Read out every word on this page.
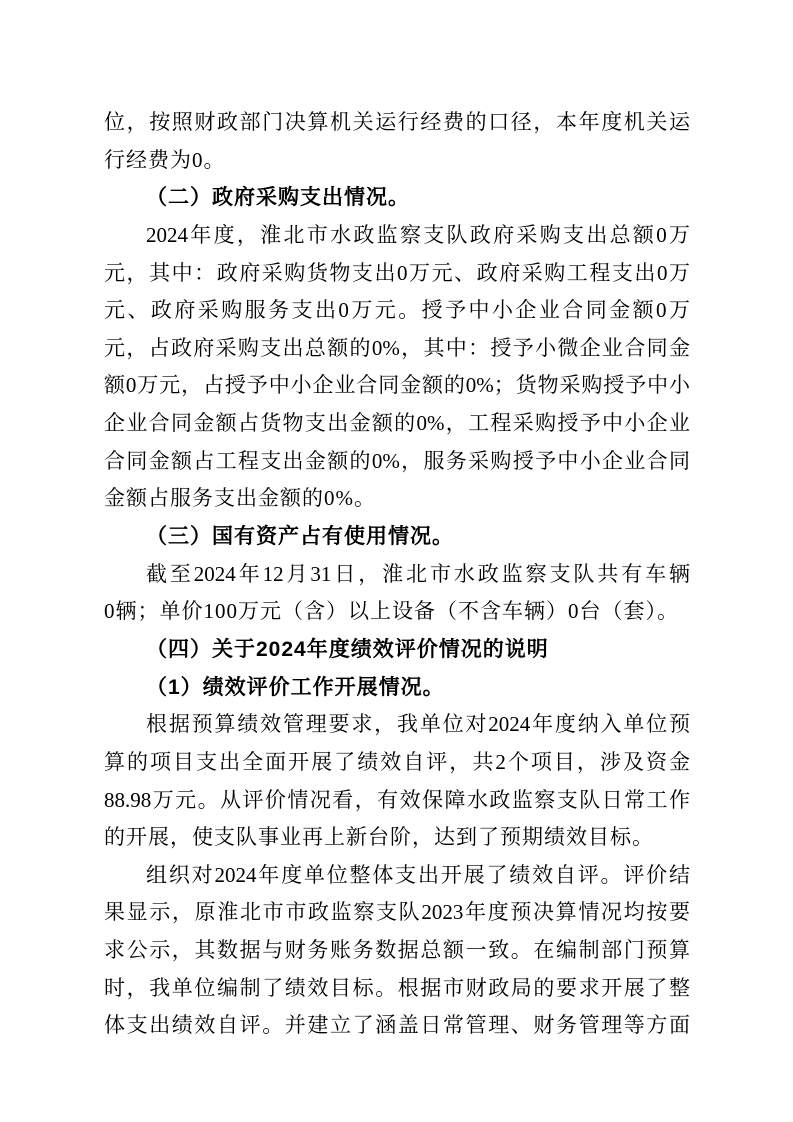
位，按照财政部门决算机关运行经费的口径，本年度机关运
行经费为0。
（二）政府采购支出情况。
2024年度，淮北市水政监察支队政府采购支出总额0万
元，其中：政府采购货物支出0万元、政府采购工程支出0万
元、政府采购服务支出0万元。授予中小企业合同金额0万
元，占政府采购支出总额的0%，其中：授予小微企业合同金
额0万元，占授予中小企业合同金额的0%；货物采购授予中小
企业合同金额占货物支出金额的0%，工程采购授予中小企业
合同金额占工程支出金额的0%，服务采购授予中小企业合同
金额占服务支出金额的0%。
（三）国有资产占有使用情况。
截至2024年12月31日，淮北市水政监察支队共有车辆
0辆；单价100万元（含）以上设备（不含车辆）0台（套）。
（四）关于2024年度绩效评价情况的说明
（1）绩效评价工作开展情况。
根据预算绩效管理要求，我单位对2024年度纳入单位预
算的项目支出全面开展了绩效自评，共2个项目，涉及资金
88.98万元。从评价情况看，有效保障水政监察支队日常工作
的开展，使支队事业再上新台阶，达到了预期绩效目标。
组织对2024年度单位整体支出开展了绩效自评。评价结
果显示，原淮北市市政监察支队2023年度预决算情况均按要
求公示，其数据与财务账务数据总额一致。在编制部门预算
时，我单位编制了绩效目标。根据市财政局的要求开展了整
体支出绩效自评。并建立了涵盖日常管理、财务管理等方面
